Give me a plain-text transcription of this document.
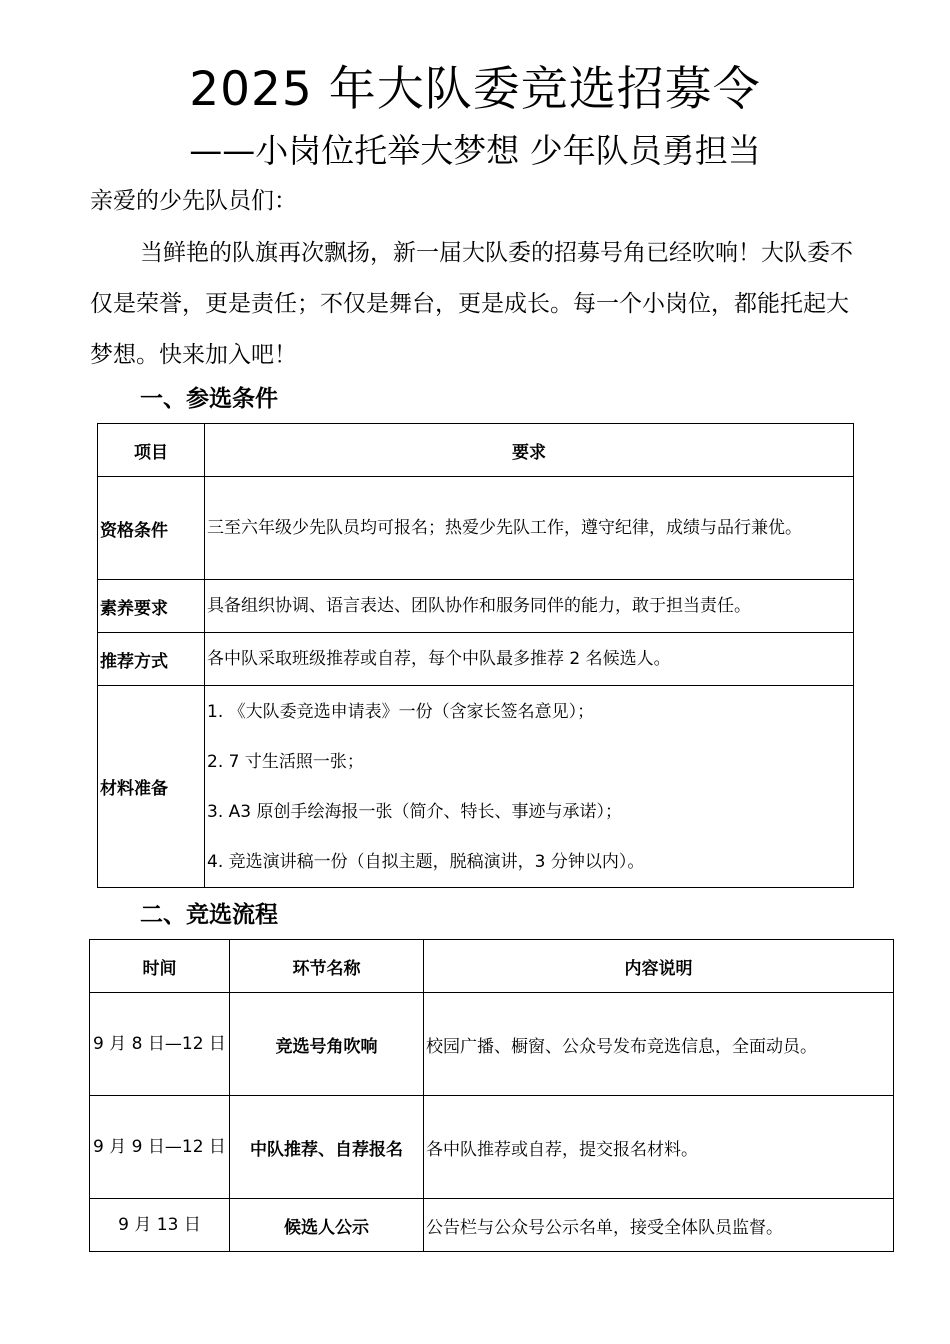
2025 年大队委竞选招募令
——小岗位托举大梦想 少年队员勇担当
亲爱的少先队员们：
当鲜艳的队旗再次飘扬，新一届大队委的招募号角已经吹响！大队委不仅是荣誉，更是责任；不仅是舞台，更是成长。每一个小岗位，都能托起大梦想。快来加入吧！
一、参选条件
项目	要求
资格条件	三至六年级少先队员均可报名；热爱少先队工作，遵守纪律，成绩与品行兼优。
素养要求	具备组织协调、语言表达、团队协作和服务同伴的能力，敢于担当责任。
推荐方式	各中队采取班级推荐或自荐，每个中队最多推荐 2 名候选人。
材料准备	1. 《大队委竞选申请表》一份（含家长签名意见）；
2. 7 寸生活照一张；
3. A3 原创手绘海报一张（简介、特长、事迹与承诺）；
4. 竞选演讲稿一份（自拟主题，脱稿演讲，3 分钟以内）。
二、竞选流程
时间	环节名称	内容说明
9 月 8 日—12 日	竞选号角吹响	校园广播、橱窗、公众号发布竞选信息，全面动员。
9 月 9 日—12 日	中队推荐、自荐报名	各中队推荐或自荐，提交报名材料。
9 月 13 日	候选人公示	公告栏与公众号公示名单，接受全体队员监督。
